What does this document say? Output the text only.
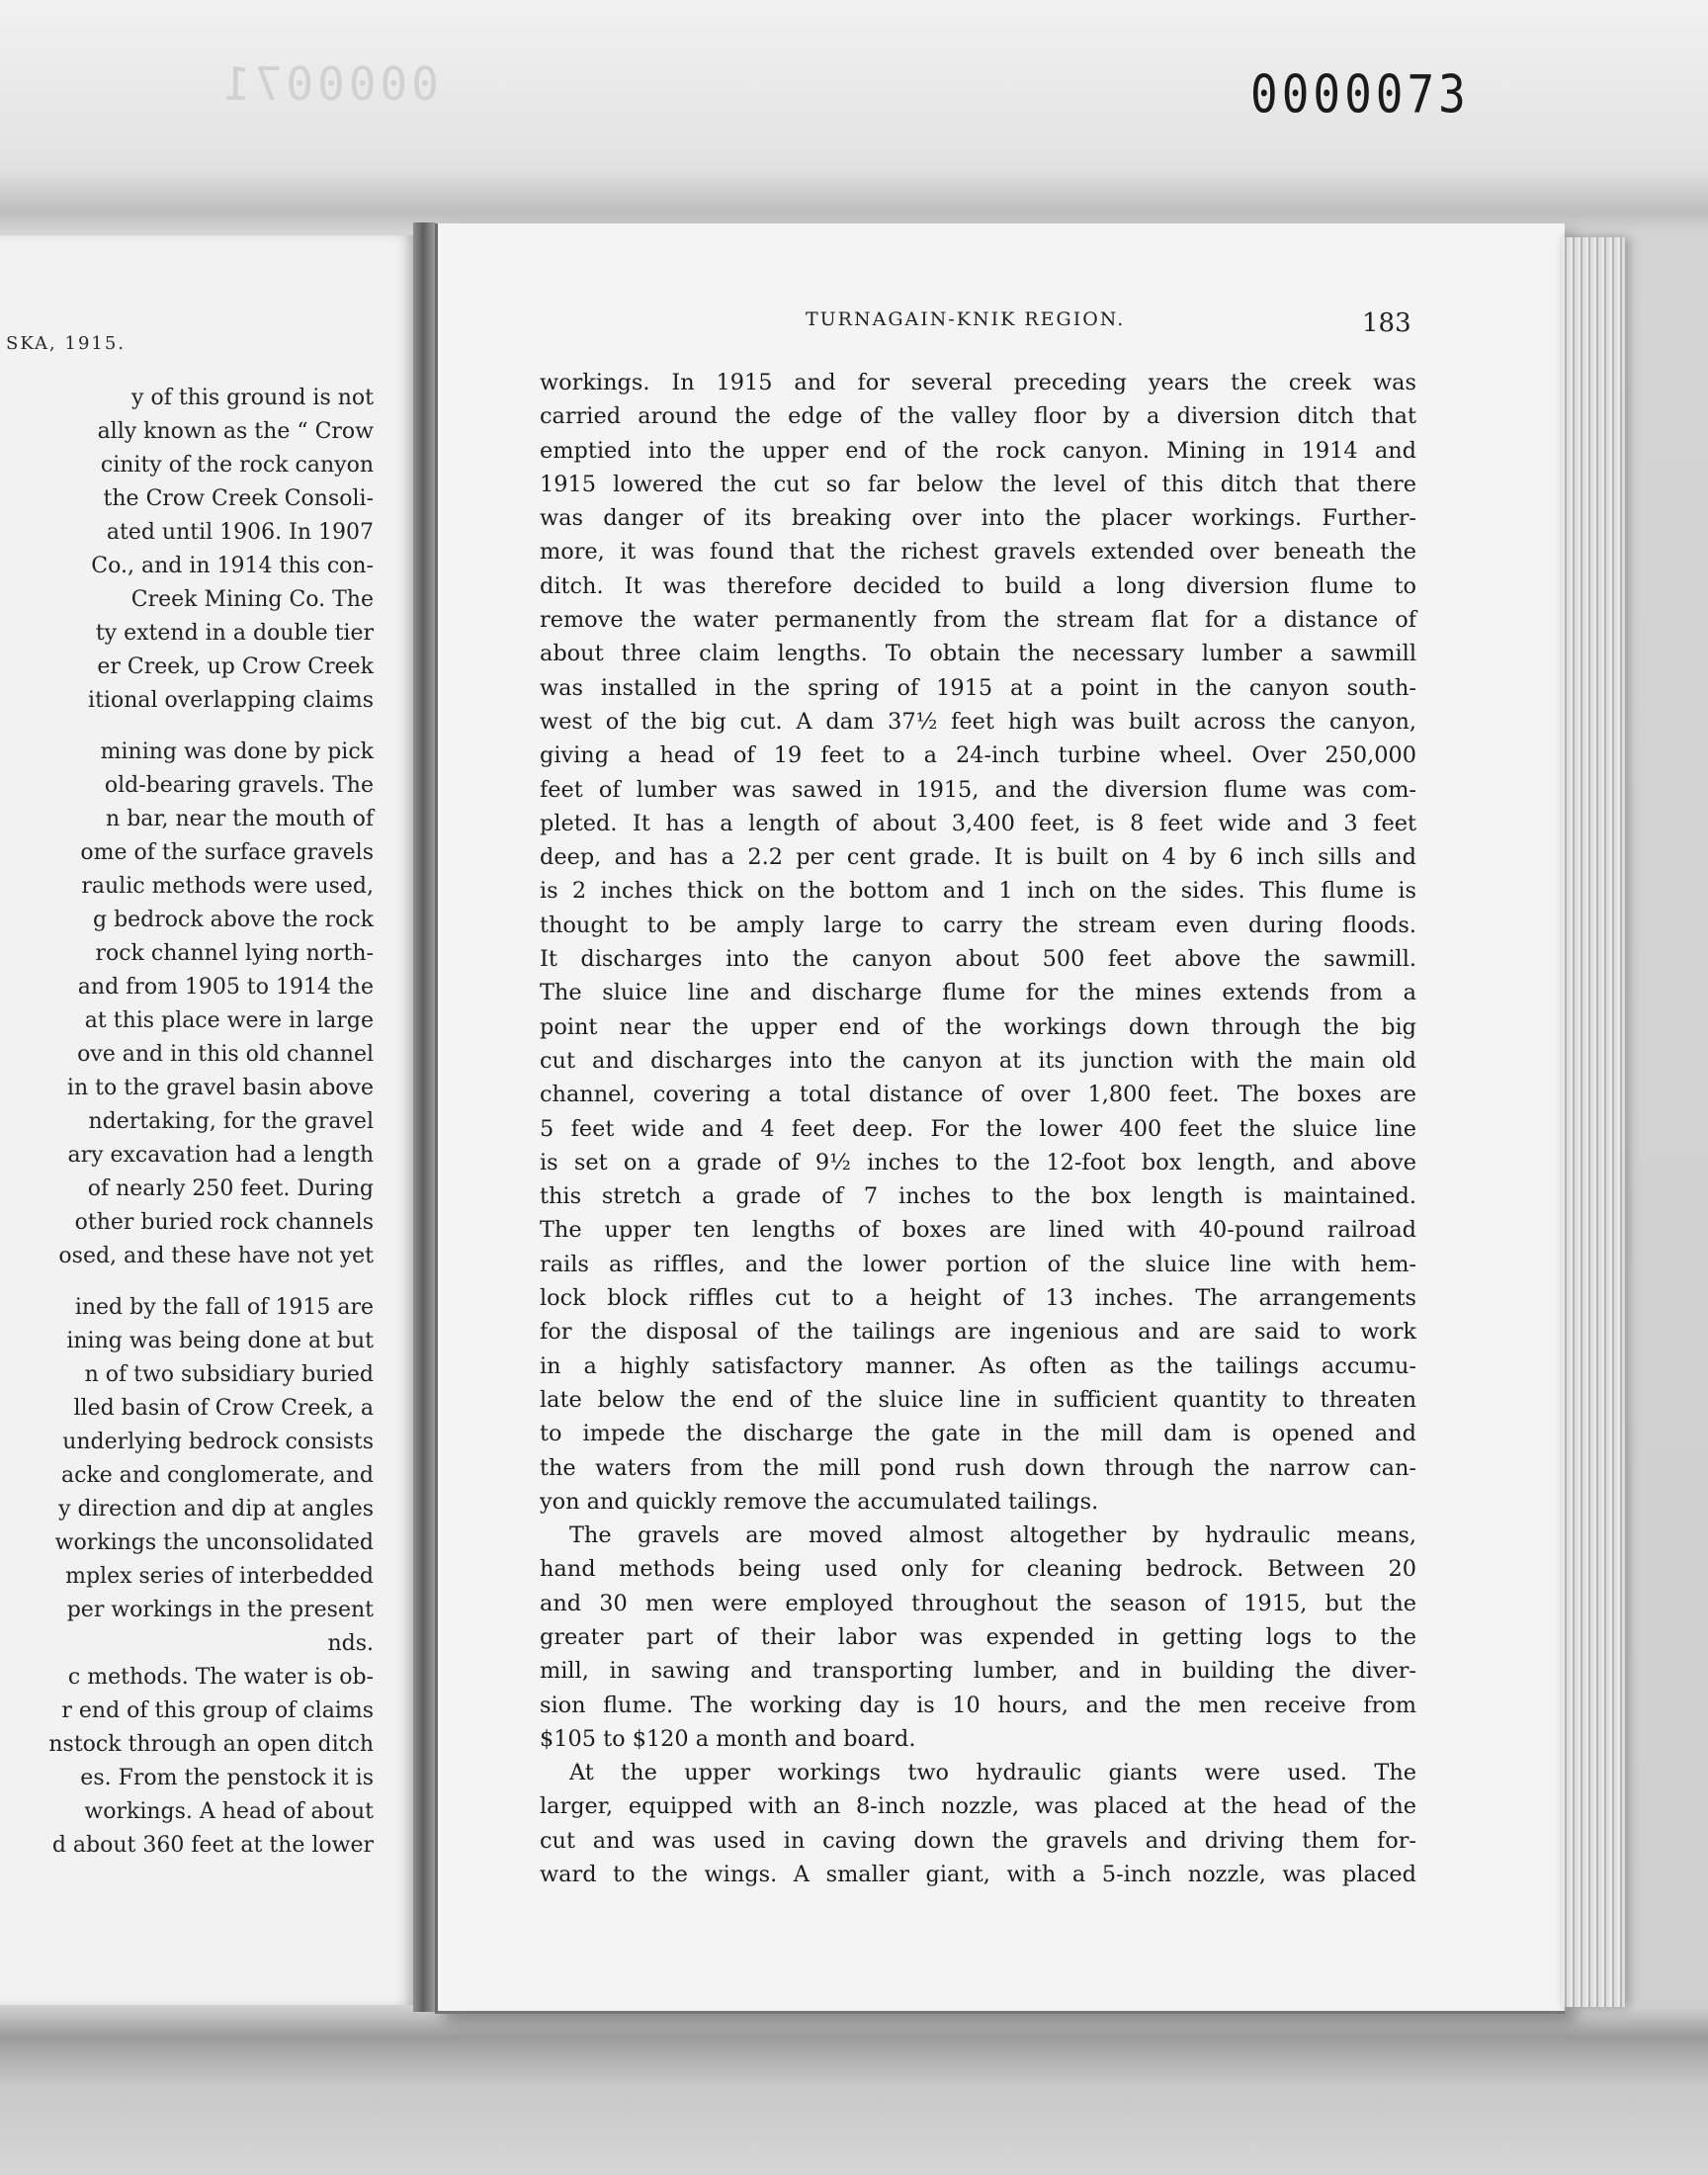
0000071	0000073
SKA, 1915.
y of this ground is not
ally known as the “ Crow
cinity of the rock canyon
the Crow Creek Consoli-
ated until 1906. In 1907
Co., and in 1914 this con-
Creek Mining Co. The
ty extend in a double tier
er Creek, up Crow Creek
itional overlapping claims
mining was done by pick
old-bearing gravels. The
n bar, near the mouth of
ome of the surface gravels
raulic methods were used,
g bedrock above the rock
rock channel lying north-
and from 1905 to 1914 the
at this place were in large
ove and in this old channel
in to the gravel basin above
ndertaking, for the gravel
ary excavation had a length
of nearly 250 feet. During
other buried rock channels
osed, and these have not yet
ined by the fall of 1915 are
ining was being done at but
n of two subsidiary buried
lled basin of Crow Creek, a
underlying bedrock consists
acke and conglomerate, and
y direction and dip at angles
workings the unconsolidated
mplex series of interbedded
per workings in the present
nds.
c methods. The water is ob-
r end of this group of claims
nstock through an open ditch
es. From the penstock it is
workings. A head of about
d about 360 feet at the lower
TURNAGAIN-KNIK REGION.	183
workings. In 1915 and for several preceding years the creek was
carried around the edge of the valley floor by a diversion ditch that
emptied into the upper end of the rock canyon. Mining in 1914 and
1915 lowered the cut so far below the level of this ditch that there
was danger of its breaking over into the placer workings. Further-
more, it was found that the richest gravels extended over beneath the
ditch. It was therefore decided to build a long diversion flume to
remove the water permanently from the stream flat for a distance of
about three claim lengths. To obtain the necessary lumber a sawmill
was installed in the spring of 1915 at a point in the canyon south-
west of the big cut. A dam 37½ feet high was built across the canyon,
giving a head of 19 feet to a 24-inch turbine wheel. Over 250,000
feet of lumber was sawed in 1915, and the diversion flume was com-
pleted. It has a length of about 3,400 feet, is 8 feet wide and 3 feet
deep, and has a 2.2 per cent grade. It is built on 4 by 6 inch sills and
is 2 inches thick on the bottom and 1 inch on the sides. This flume is
thought to be amply large to carry the stream even during floods.
It discharges into the canyon about 500 feet above the sawmill.
The sluice line and discharge flume for the mines extends from a
point near the upper end of the workings down through the big
cut and discharges into the canyon at its junction with the main old
channel, covering a total distance of over 1,800 feet. The boxes are
5 feet wide and 4 feet deep. For the lower 400 feet the sluice line
is set on a grade of 9½ inches to the 12-foot box length, and above
this stretch a grade of 7 inches to the box length is maintained.
The upper ten lengths of boxes are lined with 40-pound railroad
rails as riffles, and the lower portion of the sluice line with hem-
lock block riffles cut to a height of 13 inches. The arrangements
for the disposal of the tailings are ingenious and are said to work
in a highly satisfactory manner. As often as the tailings accumu-
late below the end of the sluice line in sufficient quantity to threaten
to impede the discharge the gate in the mill dam is opened and
the waters from the mill pond rush down through the narrow can-
yon and quickly remove the accumulated tailings.
The gravels are moved almost altogether by hydraulic means,
hand methods being used only for cleaning bedrock. Between 20
and 30 men were employed throughout the season of 1915, but the
greater part of their labor was expended in getting logs to the
mill, in sawing and transporting lumber, and in building the diver-
sion flume. The working day is 10 hours, and the men receive from
$105 to $120 a month and board.
At the upper workings two hydraulic giants were used. The
larger, equipped with an 8-inch nozzle, was placed at the head of the
cut and was used in caving down the gravels and driving them for-
ward to the wings. A smaller giant, with a 5-inch nozzle, was placed
